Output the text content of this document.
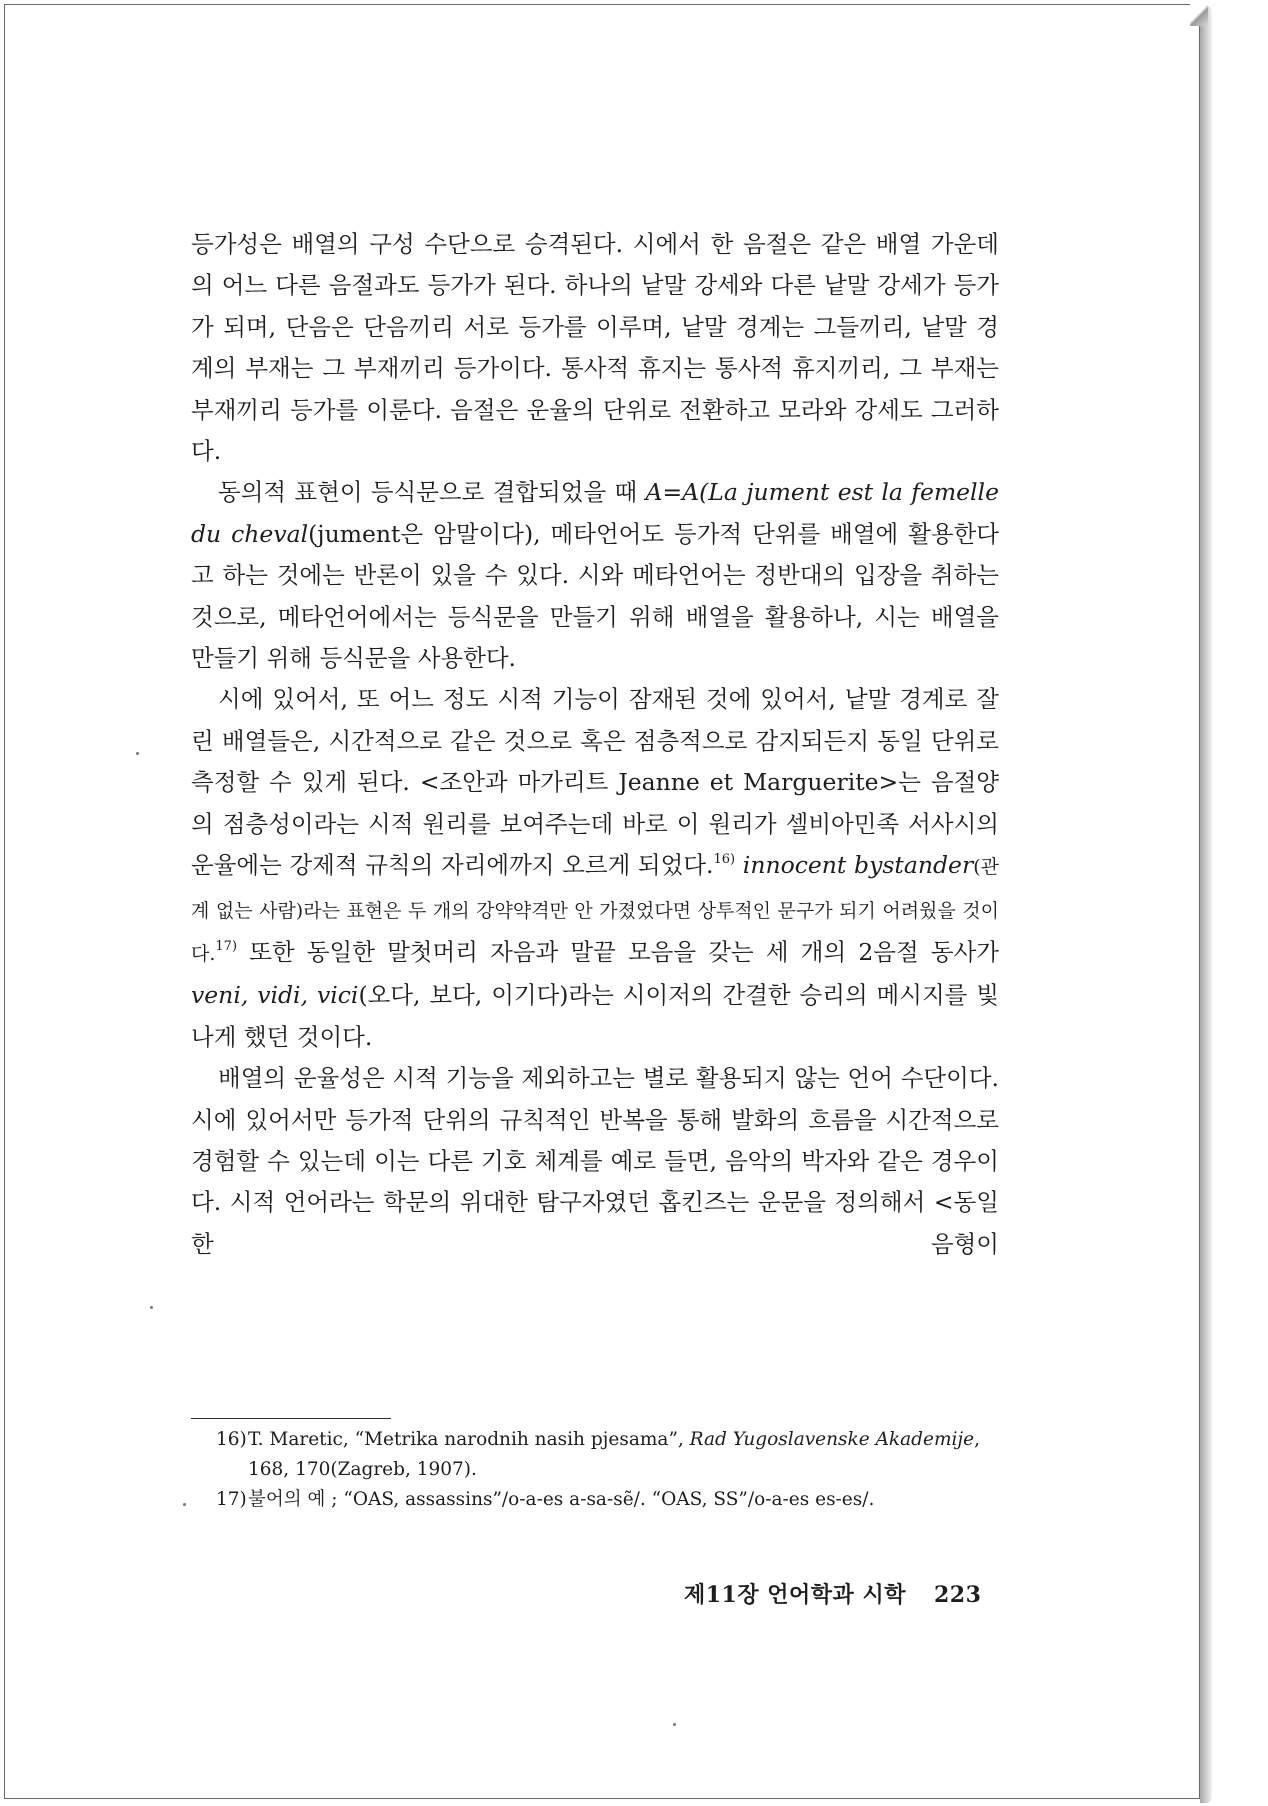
등가성은 배열의 구성 수단으로 승격된다. 시에서 한 음절은 같은 배열 가운데의 어느 다른 음절과도 등가가 된다. 하나의 낱말 강세와 다른 낱말 강세가 등가가 되며, 단음은 단음끼리 서로 등가를 이루며, 낱말 경계는 그들끼리, 낱말 경계의 부재는 그 부재끼리 등가이다. 통사적 휴지는 통사적 휴지끼리, 그 부재는 부재끼리 등가를 이룬다. 음절은 운율의 단위로 전환하고 모라와 강세도 그러하다.

동의적 표현이 등식문으로 결합되었을 때 A=A(La jument est la femelle du cheval(jument은 암말이다), 메타언어도 등가적 단위를 배열에 활용한다고 하는 것에는 반론이 있을 수 있다. 시와 메타언어는 정반대의 입장을 취하는 것으로, 메타언어에서는 등식문을 만들기 위해 배열을 활용하나, 시는 배열을 만들기 위해 등식문을 사용한다.

시에 있어서, 또 어느 정도 시적 기능이 잠재된 것에 있어서, 낱말 경계로 잘린 배열들은, 시간적으로 같은 것으로 혹은 점층적으로 감지되든지 동일 단위로 측정할 수 있게 된다. <조안과 마가리트 Jeanne et Marguerite>는 음절양의 점층성이라는 시적 원리를 보여주는데 바로 이 원리가 셀비아민족 서사시의 운율에는 강제적 규칙의 자리에까지 오르게 되었다.$^{16)}$ innocent bystander(관계 없는 사람)라는 표현은 두 개의 강약약격만 안 가졌었다면 상투적인 문구가 되기 어려웠을 것이다.$^{17)}$ 또한 동일한 말첫머리 자음과 말끝 모음을 갖는 세 개의 2음절 동사가 veni, vidi, vici(오다, 보다, 이기다)라는 시이저의 간결한 승리의 메시지를 빛나게 했던 것이다.

배열의 운율성은 시적 기능을 제외하고는 별로 활용되지 않는 언어 수단이다. 시에 있어서만 등가적 단위의 규칙적인 반복을 통해 발화의 흐름을 시간적으로 경험할 수 있는데 이는 다른 기호 체계를 예로 들면, 음악의 박자와 같은 경우이다. 시적 언어라는 학문의 위대한 탐구자였던 홉킨즈는 운문을 정의해서 <동일한 음형이

16) T. Maretic, “Metrika narodnih nasih pjesama”, Rad Yugoslavenske Akademije, 168, 170(Zagreb, 1907).
17) 불어의 예 ; “OAS, assassins”/o-a-es a-sa-sẽ/. “OAS, SS”/o-a-es es-es/.
제11장 언어학과 시학 223
